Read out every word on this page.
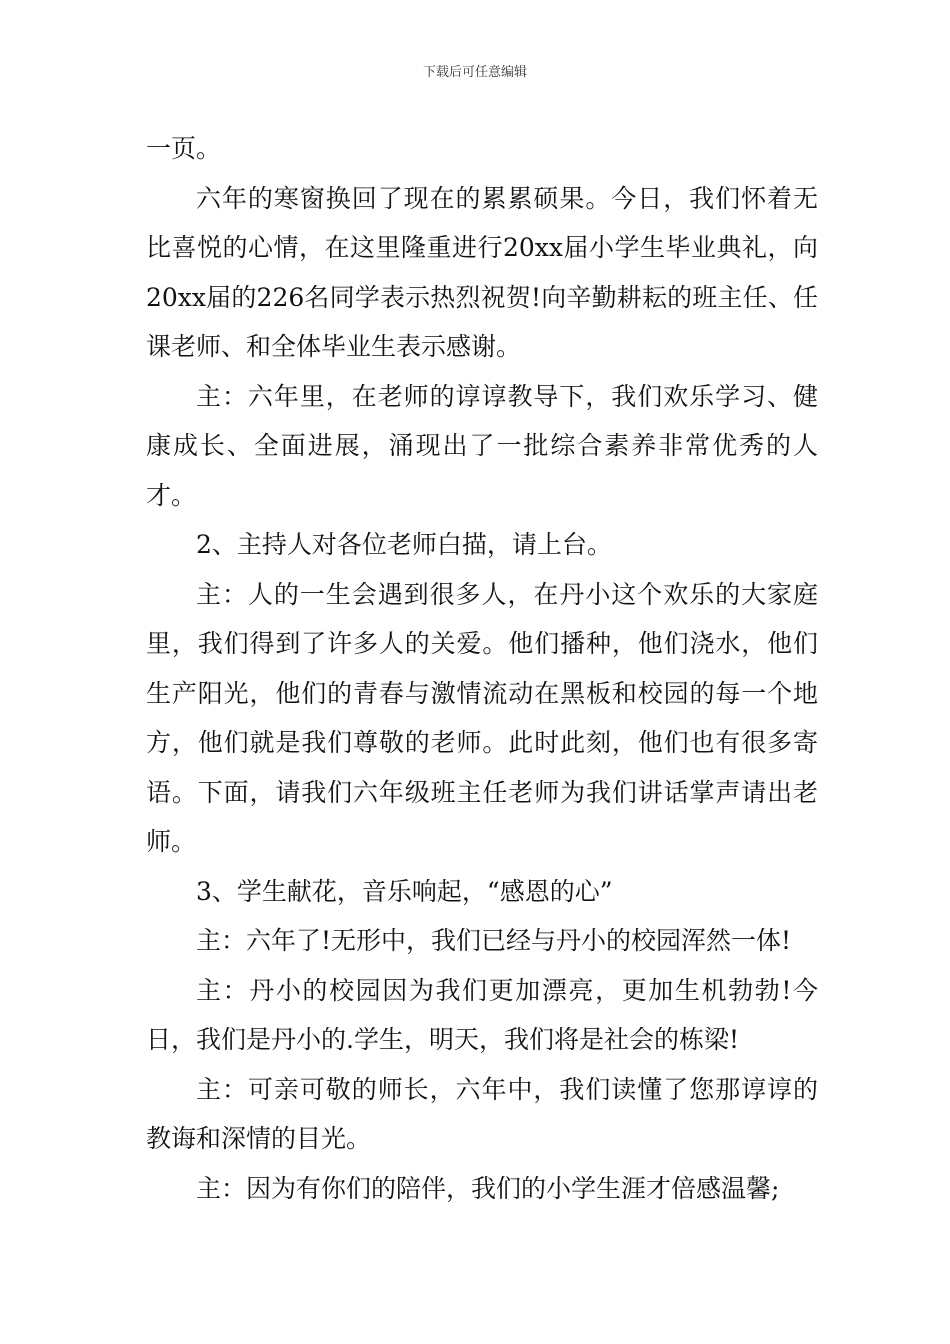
下载后可任意编辑

一页。

六年的寒窗换回了现在的累累硕果。今日，我们怀着无比喜悦的心情，在这里隆重进行20xx届小学生毕业典礼，向20xx届的226名同学表示热烈祝贺!向辛勤耕耘的班主任、任课老师、和全体毕业生表示感谢。

主：六年里，在老师的谆谆教导下，我们欢乐学习、健康成长、全面进展，涌现出了一批综合素养非常优秀的人才。

2、主持人对各位老师白描，请上台。

主：人的一生会遇到很多人，在丹小这个欢乐的大家庭里，我们得到了许多人的关爱。他们播种，他们浇水，他们生产阳光，他们的青春与激情流动在黑板和校园的每一个地方，他们就是我们尊敬的老师。此时此刻，他们也有很多寄语。下面，请我们六年级班主任老师为我们讲话掌声请出老师。

3、学生献花，音乐响起，“感恩的心”

主：六年了!无形中，我们已经与丹小的校园浑然一体!

主：丹小的校园因为我们更加漂亮，更加生机勃勃!今日，我们是丹小的.学生，明天，我们将是社会的栋梁!

主：可亲可敬的师长，六年中，我们读懂了您那谆谆的教诲和深情的目光。

主：因为有你们的陪伴，我们的小学生涯才倍感温馨;
